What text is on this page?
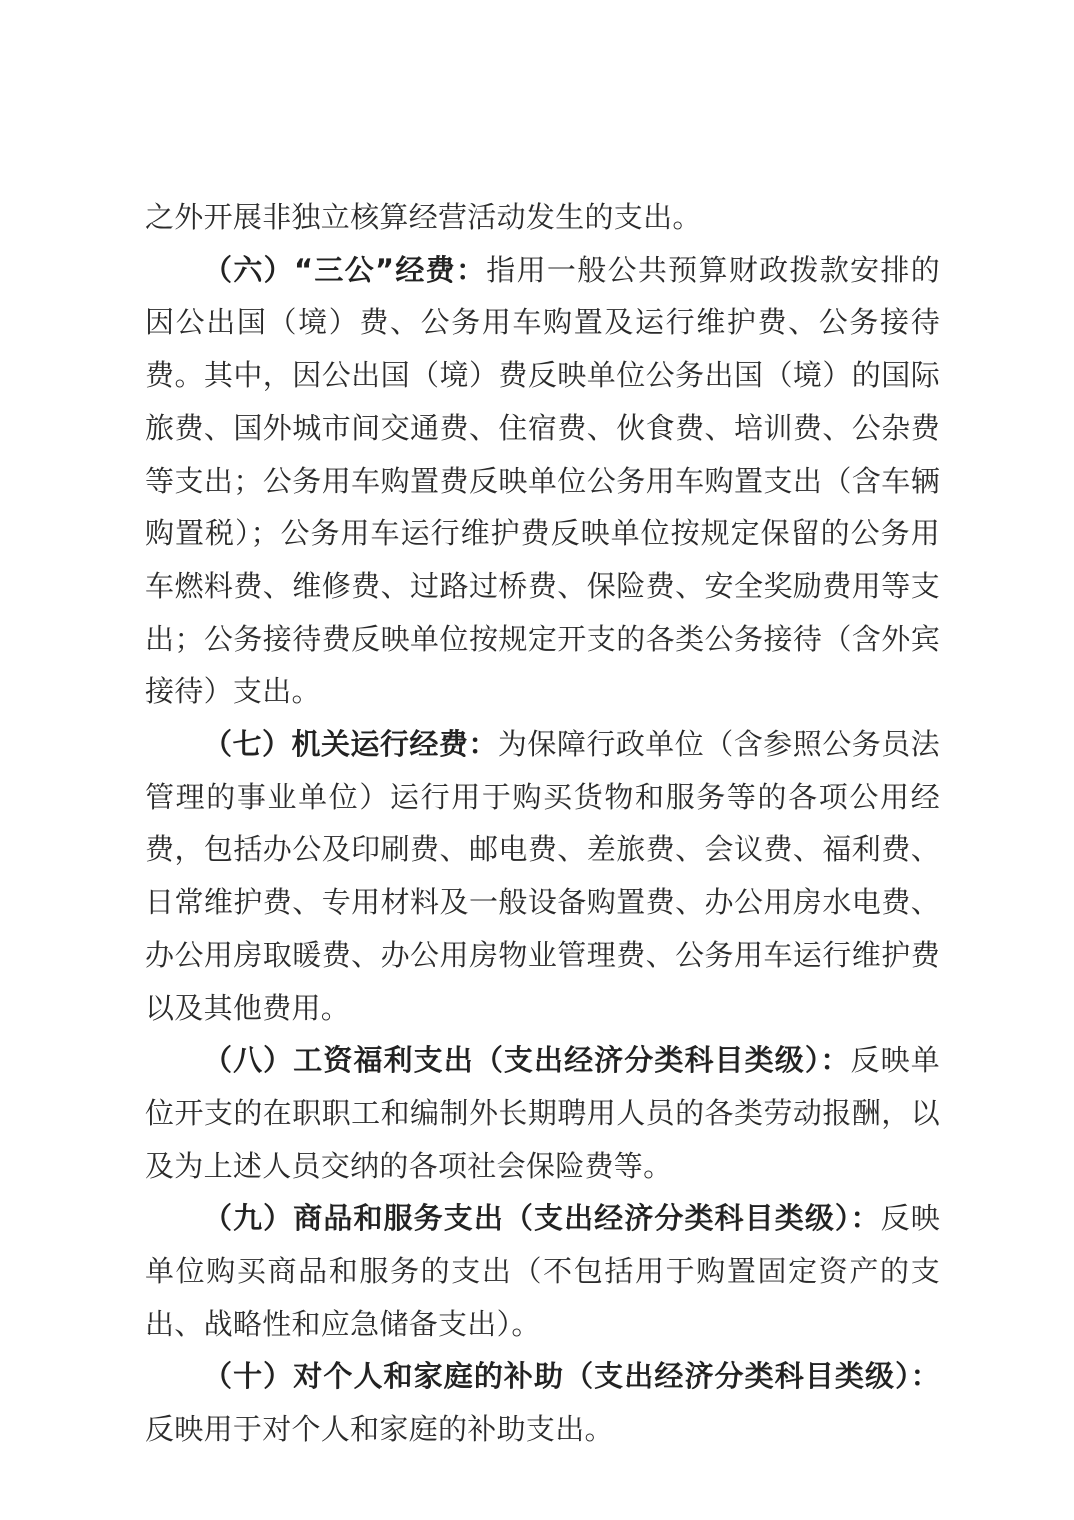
之外开展非独立核算经营活动发生的支出。

（六）“三公”经费：指用一般公共预算财政拨款安排的因公出国（境）费、公务用车购置及运行维护费、公务接待费。其中，因公出国（境）费反映单位公务出国（境）的国际旅费、国外城市间交通费、住宿费、伙食费、培训费、公杂费等支出；公务用车购置费反映单位公务用车购置支出（含车辆购置税）；公务用车运行维护费反映单位按规定保留的公务用车燃料费、维修费、过路过桥费、保险费、安全奖励费用等支出；公务接待费反映单位按规定开支的各类公务接待（含外宾接待）支出。

（七）机关运行经费：为保障行政单位（含参照公务员法管理的事业单位）运行用于购买货物和服务等的各项公用经费，包括办公及印刷费、邮电费、差旅费、会议费、福利费、日常维护费、专用材料及一般设备购置费、办公用房水电费、办公用房取暖费、办公用房物业管理费、公务用车运行维护费以及其他费用。

（八）工资福利支出（支出经济分类科目类级）：反映单位开支的在职职工和编制外长期聘用人员的各类劳动报酬，以及为上述人员交纳的各项社会保险费等。

（九）商品和服务支出（支出经济分类科目类级）：反映单位购买商品和服务的支出（不包括用于购置固定资产的支出、战略性和应急储备支出）。

（十）对个人和家庭的补助（支出经济分类科目类级）：反映用于对个人和家庭的补助支出。
